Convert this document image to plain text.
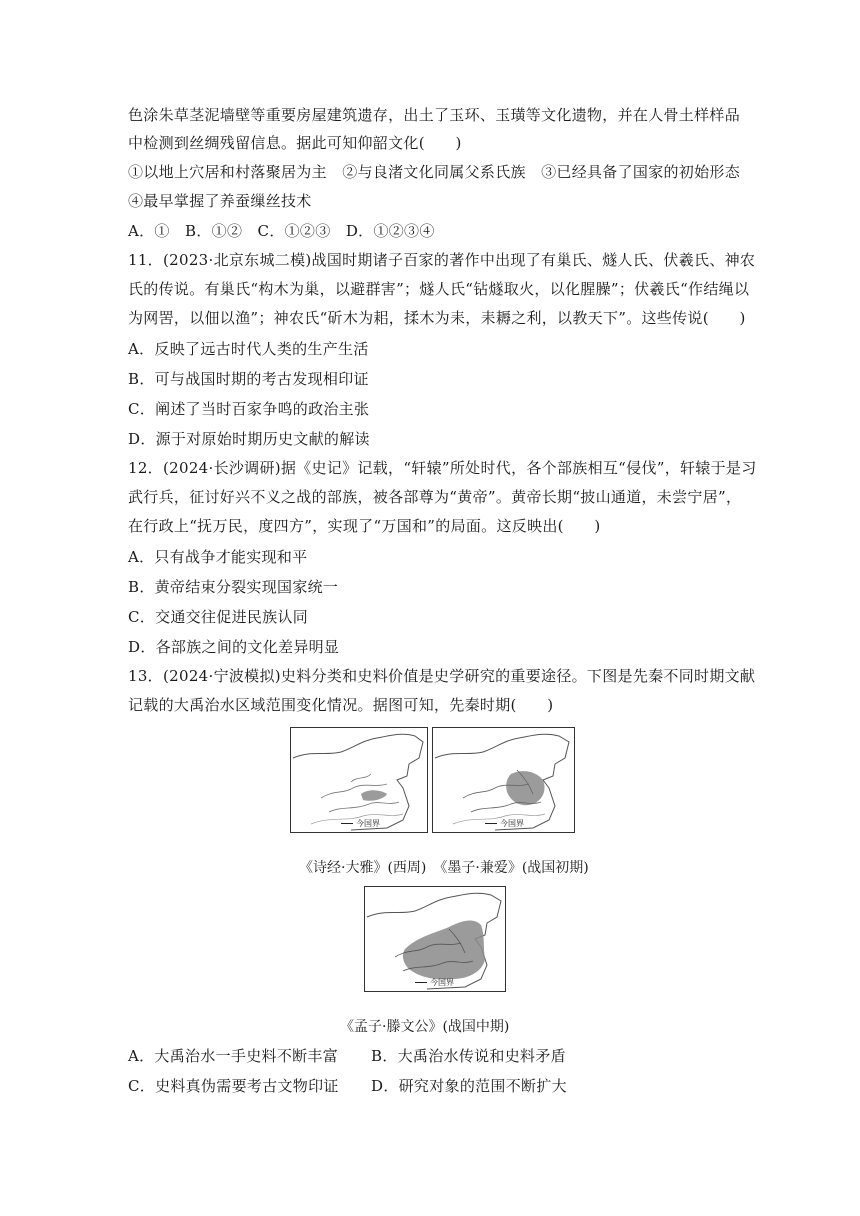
色涂朱草茎泥墙壁等重要房屋建筑遗存，出土了玉环、玉璜等文化遗物，并在人骨土样样品
中检测到丝绸残留信息。据此可知仰韶文化(　　)
①以地上穴居和村落聚居为主　②与良渚文化同属父系氏族　③已经具备了国家的初始形态
④最早掌握了养蚕缫丝技术
A．①　B．①②　C．①②③　D．①②③④
11．(2023·北京东城二模)战国时期诸子百家的著作中出现了有巢氏、燧人氏、伏羲氏、神农
氏的传说。有巢氏“构木为巢，以避群害”；燧人氏“钻燧取火，以化腥臊”；伏羲氏“作结绳以
为网罟，以佃以渔”；神农氏“斫木为耜，揉木为耒，耒耨之利，以教天下”。这些传说(　　)
A．反映了远古时代人类的生产生活
B．可与战国时期的考古发现相印证
C．阐述了当时百家争鸣的政治主张
D．源于对原始时期历史文献的解读
12．(2024·长沙调研)据《史记》记载，“轩辕”所处时代，各个部族相互“侵伐”，轩辕于是习
武行兵，征讨好兴不义之战的部族，被各部尊为“黄帝”。黄帝长期“披山通道，未尝宁居”，
在行政上“抚万民，度四方”，实现了“万国和”的局面。这反映出(　　)
A．只有战争才能实现和平
B．黄帝结束分裂实现国家统一
C．交通交往促进民族认同
D．各部族之间的文化差异明显
13．(2024·宁波模拟)史料分类和史料价值是史学研究的重要途径。下图是先秦不同时期文献
记载的大禹治水区域范围变化情况。据图可知，先秦时期(　　)
今国界	今国界
《诗经·大雅》(西周)　《墨子·兼爱》(战国初期)
今国界
《孟子·滕文公》(战国中期)
A．大禹治水一手史料不断丰富	B．大禹治水传说和史料矛盾
C．史料真伪需要考古文物印证	D．研究对象的范围不断扩大
